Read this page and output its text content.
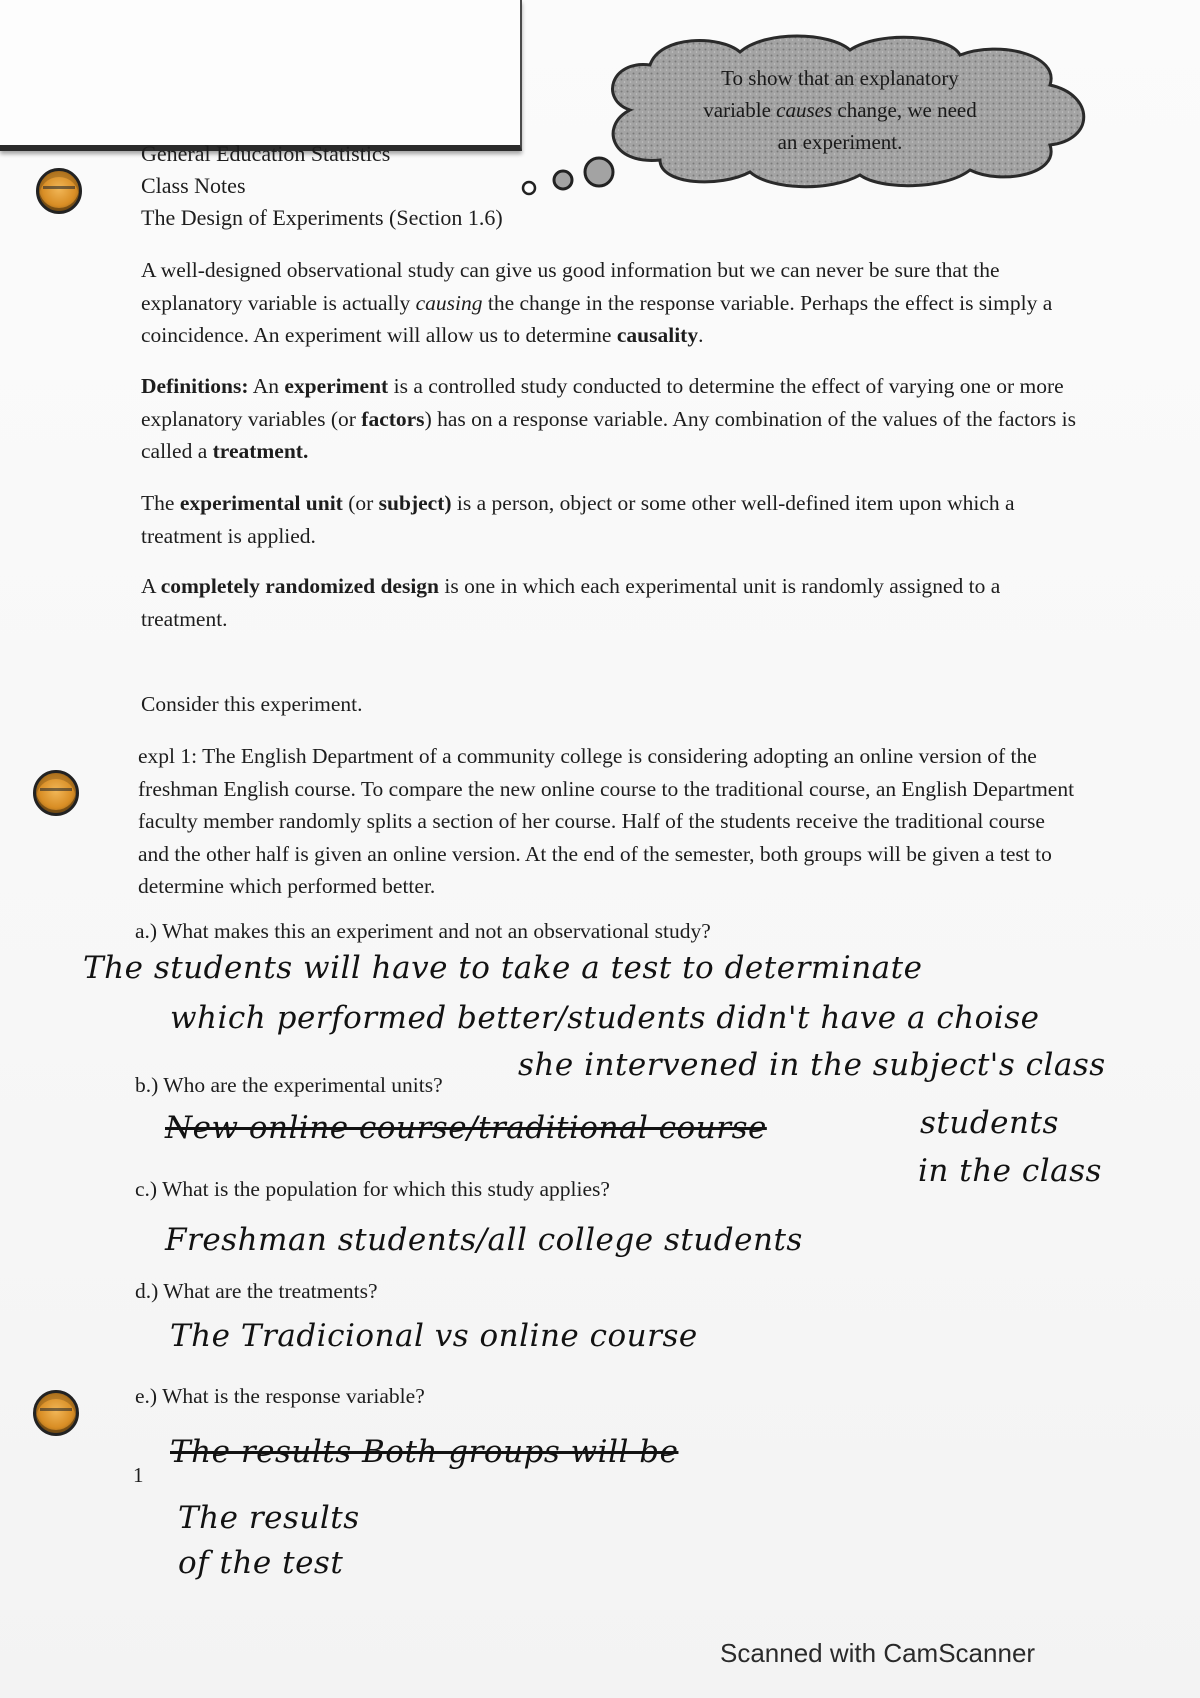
To show that an explanatory
variable causes change, we need
an experiment.
General Education Statistics
Class Notes
The Design of Experiments (Section 1.6)
A well-designed observational study can give us good information but we can never be sure that the explanatory variable is actually causing the change in the response variable. Perhaps the effect is simply a coincidence. An experiment will allow us to determine causality.
Definitions: An experiment is a controlled study conducted to determine the effect of varying one or more explanatory variables (or factors) has on a response variable. Any combination of the values of the factors is called a treatment.
The experimental unit (or subject) is a person, object or some other well-defined item upon which a treatment is applied.
A completely randomized design is one in which each experimental unit is randomly assigned to a treatment.
Consider this experiment.
expl 1: The English Department of a community college is considering adopting an online version of the freshman English course. To compare the new online course to the traditional course, an English Department faculty member randomly splits a section of her course. Half of the students receive the traditional course and the other half is given an online version. At the end of the semester, both groups will be given a test to determine which performed better.
a.) What makes this an experiment and not an observational study?
The students will have to take a test to determinate
which performed better/students didn't have a choise
she intervened in the subject's class
b.) Who are the experimental units?
New online course/traditional course	students
in the class
c.) What is the population for which this study applies?
Freshman students/all college students
d.) What are the treatments?
The Tradicional vs online course
e.) What is the response variable?
The results Both groups will be
The results
of the test
1
Scanned with CamScanner
